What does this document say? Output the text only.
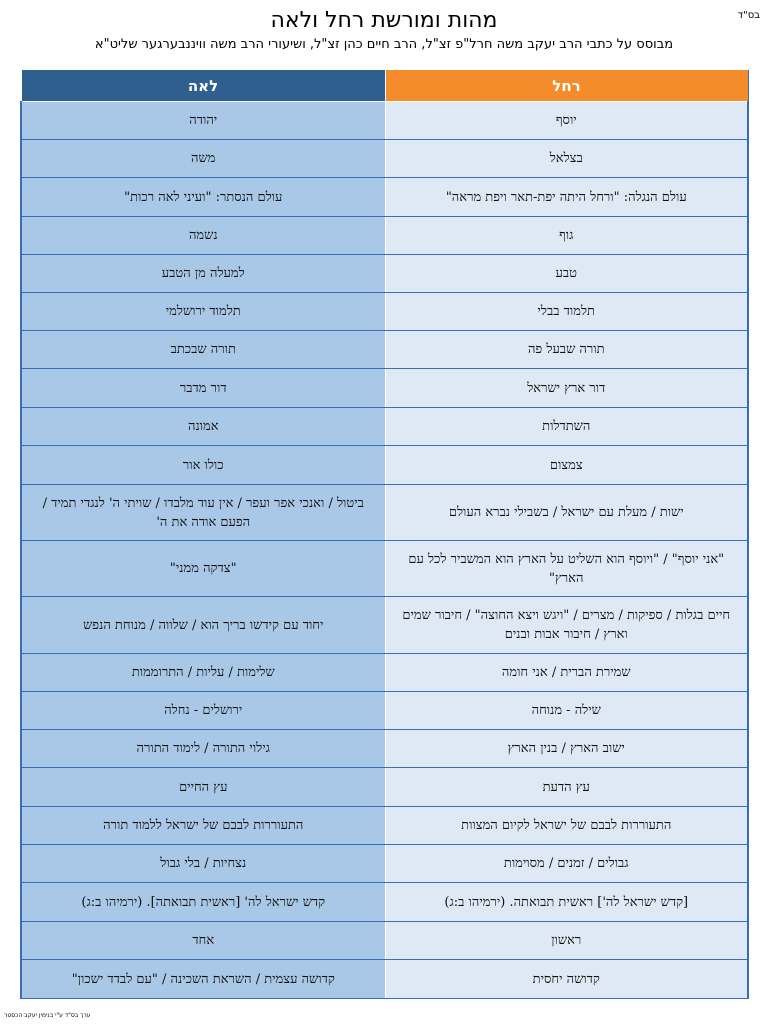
בס"ד
מהות ומורשת רחל ולאה
מבוסס על כתבי הרב יעקב משה חרל"פ זצ"ל, הרב חיים כהן זצ"ל, ושיעורי הרב משה וויננבערגער שליט"א
רחל	לאה
יוסף	יהודה
בצלאל	משה
עולם הנגלה: "ורחל היתה יפת-תאר ויפת מראה"	עולם הנסתר: "ועיני לאה רכות"
גוף	נשמה
טבע	למעלה מן הטבע
תלמוד בבלי	תלמוד ירושלמי
תורה שבעל פה	תורה שבכתב
דור ארץ ישראל	דור מדבר
השתדלות	אמונה
צמצום	כולו אור
ישות / מעלת עם ישראל / בשבילי נברא העולם	ביטול / ואנכי אפר ועפר / אין עוד מלבדו / שויתי ה' לנגדי תמיד / הפעם אודה את ה'
"אני יוסף" / "ויוסף הוא השליט על הארץ הוא המשביר לכל עם הארץ"	"צדקה ממני"
חיים בגלות / ספיקות / מצרים / "ויגש ויצא החוצה" / חיבור שמים וארץ / חיבור אבות ובנים	יחוד עם קידשו בריך הוא / שלווה / מנוחת הנפש
שמירת הברית / אני חומה	שלימות / עליות / התרוממות
שילה - מנוחה	ירושלים - נחלה
ישוב הארץ / בנין הארץ	גילוי התורה / לימוד התורה
עץ הדעת	עץ החיים
התעוררות לבבם של ישראל לקיום המצוות	התעוררות לבבם של ישראל ללמוד תורה
גבולים / זמנים / מסוימות	נצחיות / בלי גבול
[קדש ישראל לה'] ראשית תבואתה. (ירמיהו ב:ג)	קדש ישראל לה' [ראשית תבואתה]. (ירמיהו ב:ג)
ראשון	אחד
קדושה יחסית	קדושה עצמית / השראת השכינה / "עם לבדד ישכון"
ערך בס"ד ע"י בנימין יעקב הכסטר
